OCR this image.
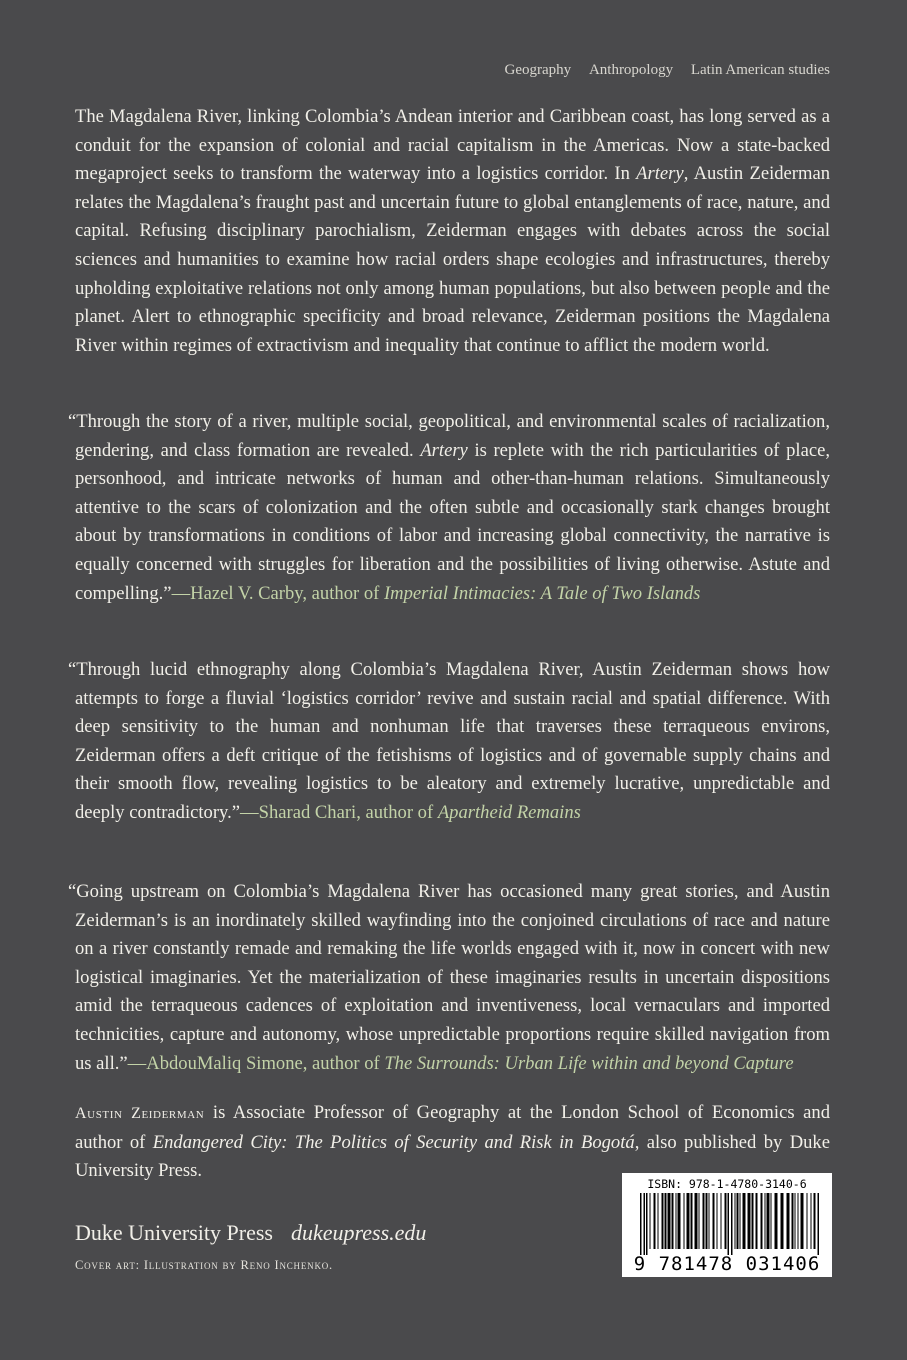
Geography Anthropology Latin American studies
The Magdalena River, linking Colombia’s Andean interior and Caribbean coast, has long served as a conduit for the expansion of colonial and racial capitalism in the Americas. Now a state-backed megaproject seeks to transform the waterway into a logistics corridor. In Artery, Austin Zeiderman relates the Magdalena’s fraught past and uncertain future to global entanglements of race, nature, and capital. Refusing disciplinary parochialism, Zeiderman engages with debates across the social sciences and humanities to examine how racial orders shape ecologies and infrastructures, thereby upholding exploitative relations not only among human populations, but also between people and the planet. Alert to ethnographic specificity and broad relevance, Zeiderman positions the Magdalena River within regimes of extractivism and inequality that continue to afflict the modern world.
“Through the story of a river, multiple social, geopolitical, and environmental scales of racialization, gendering, and class formation are revealed. Artery is replete with the rich particularities of place, personhood, and intricate networks of human and other-than-human relations. Simultaneously attentive to the scars of colonization and the often subtle and occasionally stark changes brought about by transformations in conditions of labor and increasing global connectivity, the narrative is equally concerned with struggles for liberation and the possibilities of living otherwise. Astute and compelling.”—Hazel V. Carby, author of Imperial Intimacies: A Tale of Two Islands
“Through lucid ethnography along Colombia’s Magdalena River, Austin Zeiderman shows how attempts to forge a fluvial ‘logistics corridor’ revive and sustain racial and spatial difference. With deep sensitivity to the human and nonhuman life that traverses these terraqueous environs, Zeiderman offers a deft critique of the fetishisms of logistics and of governable supply chains and their smooth flow, revealing logistics to be aleatory and extremely lucrative, unpredictable and deeply contradictory.”—Sharad Chari, author of Apartheid Remains
“Going upstream on Colombia’s Magdalena River has occasioned many great stories, and Austin Zeiderman’s is an inordinately skilled wayfinding into the conjoined circulations of race and nature on a river constantly remade and remaking the life worlds engaged with it, now in concert with new logistical imaginaries. Yet the materialization of these imaginaries results in uncertain dispositions amid the terraqueous cadences of exploitation and inventiveness, local vernaculars and imported technicities, capture and autonomy, whose unpredictable proportions require skilled navigation from us all.”—AbdouMaliq Simone, author of The Surrounds: Urban Life within and beyond Capture
Austin Zeiderman is Associate Professor of Geography at the London School of Economics and author of Endangered City: The Politics of Security and Risk in Bogotá, also published by Duke University Press.
Duke University Press dukeupress.edu
Cover art: Illustration by Reno Inchenko.
ISBN: 978-1-4780-3140-6
9 781478 031406
